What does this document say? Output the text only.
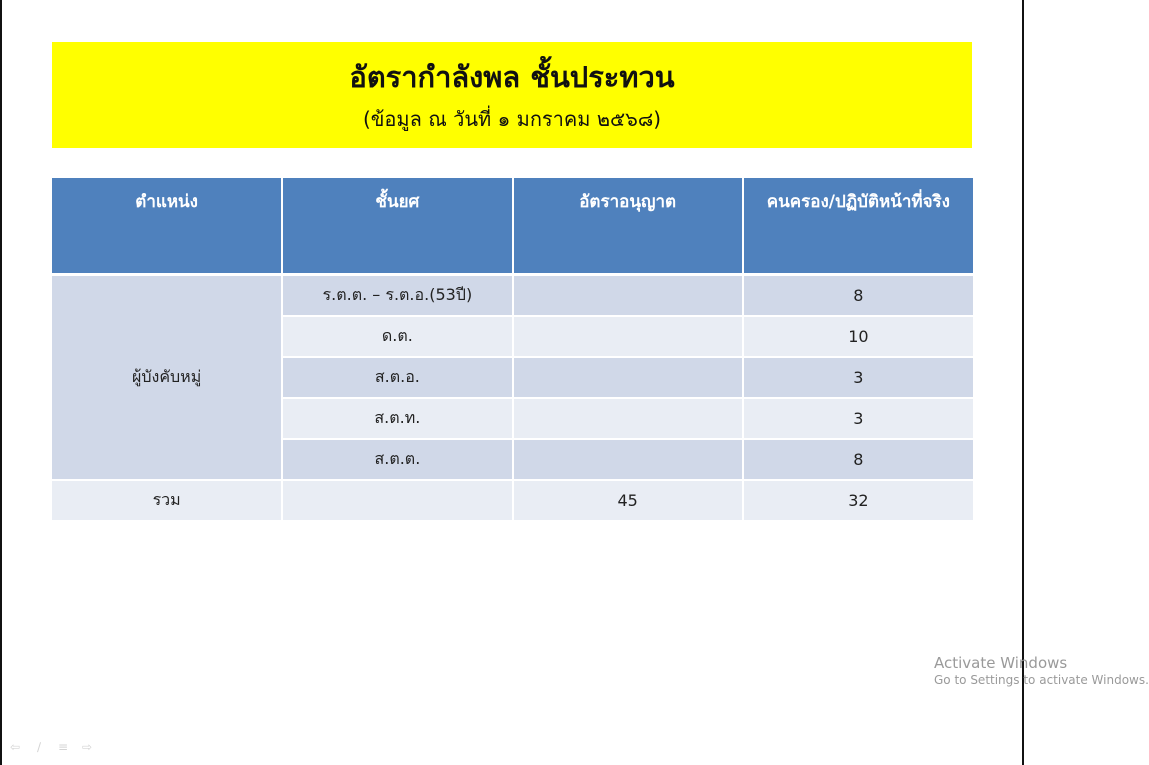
อัตรากำลังพล ชั้นประทวน
(ข้อมูล ณ วันที่ ๑ มกราคม ๒๕๖๘)
ตำแหน่ง	ชั้นยศ	อัตราอนุญาต	คนครอง/ปฏิบัติหน้าที่จริง
ผู้บังคับหมู่	ร.ต.ต. – ร.ต.อ.(53ปี)		8
	ด.ต.		10
	ส.ต.อ.		3
	ส.ต.ท.		3
	ส.ต.ต.		8
รวม		45	32
Activate Windows
Go to Settings to activate Windows.
⇦	∕	≡ ⇨
